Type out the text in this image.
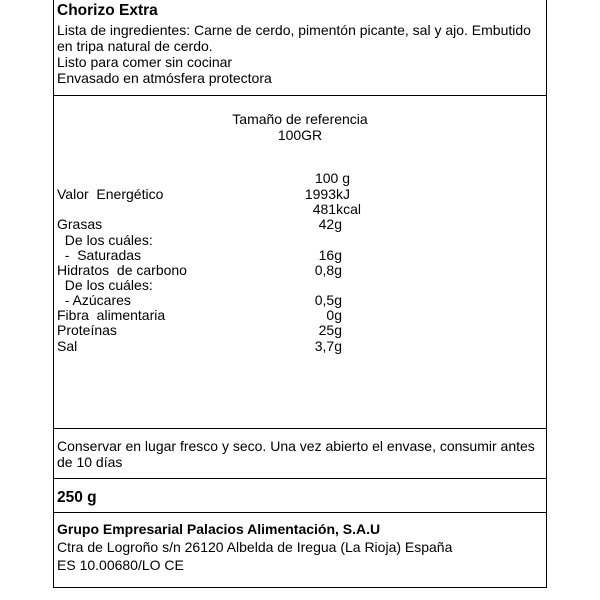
Chorizo Extra
Lista de ingredientes: Carne de cerdo, pimentón picante, sal y ajo. Embutido en tripa natural de cerdo.
Listo para comer sin cocinar
Envasado en atmósfera protectora
Tamaño de referencia
100GR
100 g
Valor  Energético	1993kJ
481kcal
Grasas	42g
De los cuáles:
-  Saturadas	16g
Hidratos  de carbono	0,8g
De los cuáles:
- Azúcares	0,5g
Fibra  alimentaria	0g
Proteínas	25g
Sal	3,7g
Conservar en lugar fresco y seco. Una vez abierto el envase, consumir antes de 10 días
250 g
Grupo Empresarial Palacios Alimentación, S.A.U
Ctra de Logroño s/n 26120 Albelda de Iregua (La Rioja) España
ES 10.00680/LO CE
